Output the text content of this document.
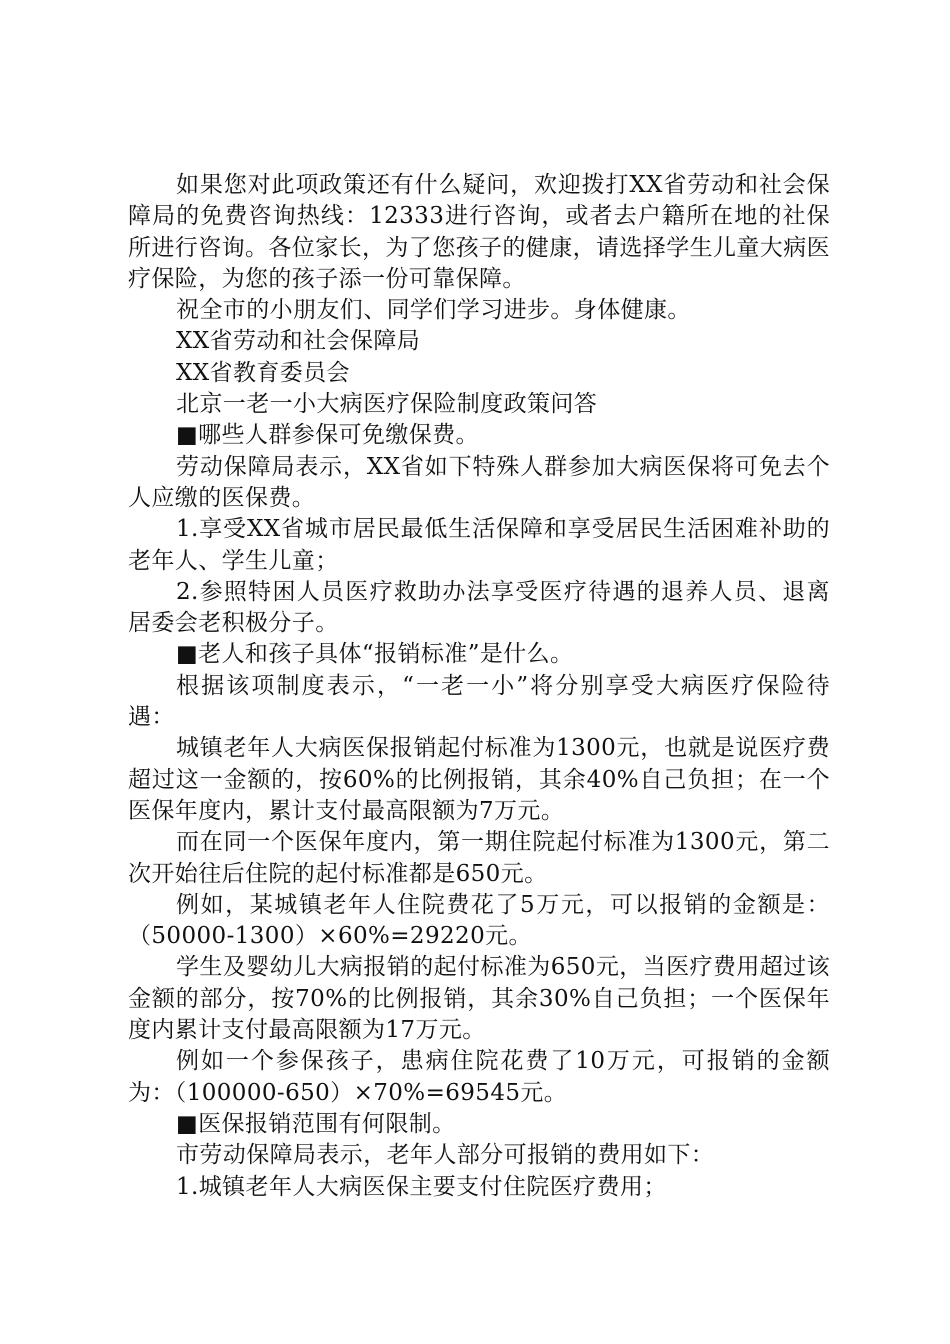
如果您对此项政策还有什么疑问，欢迎拨打XX省劳动和社会保障局的免费咨询热线：12333进行咨询，或者去户籍所在地的社保所进行咨询。各位家长，为了您孩子的健康，请选择学生儿童大病医疗保险，为您的孩子添一份可靠保障。

祝全市的小朋友们、同学们学习进步。身体健康。

XX省劳动和社会保障局

XX省教育委员会

北京一老一小大病医疗保险制度政策问答

■哪些人群参保可免缴保费。

劳动保障局表示，XX省如下特殊人群参加大病医保将可免去个人应缴的医保费。

1.享受XX省城市居民最低生活保障和享受居民生活困难补助的老年人、学生儿童；

2.参照特困人员医疗救助办法享受医疗待遇的退养人员、退离居委会老积极分子。

■老人和孩子具体“报销标准”是什么。

根据该项制度表示，“一老一小”将分别享受大病医疗保险待遇：

城镇老年人大病医保报销起付标准为1300元，也就是说医疗费超过这一金额的，按60%的比例报销，其余40%自己负担；在一个医保年度内，累计支付最高限额为7万元。

而在同一个医保年度内，第一期住院起付标准为1300元，第二次开始往后住院的起付标准都是650元。

例如，某城镇老年人住院费花了5万元，可以报销的金额是：（50000-1300）×60%=29220元。

学生及婴幼儿大病报销的起付标准为650元，当医疗费用超过该金额的部分，按70%的比例报销，其余30%自己负担；一个医保年度内累计支付最高限额为17万元。

例如一个参保孩子，患病住院花费了10万元，可报销的金额为：（100000-650）×70%=69545元。

■医保报销范围有何限制。

市劳动保障局表示，老年人部分可报销的费用如下：

1.城镇老年人大病医保主要支付住院医疗费用；
